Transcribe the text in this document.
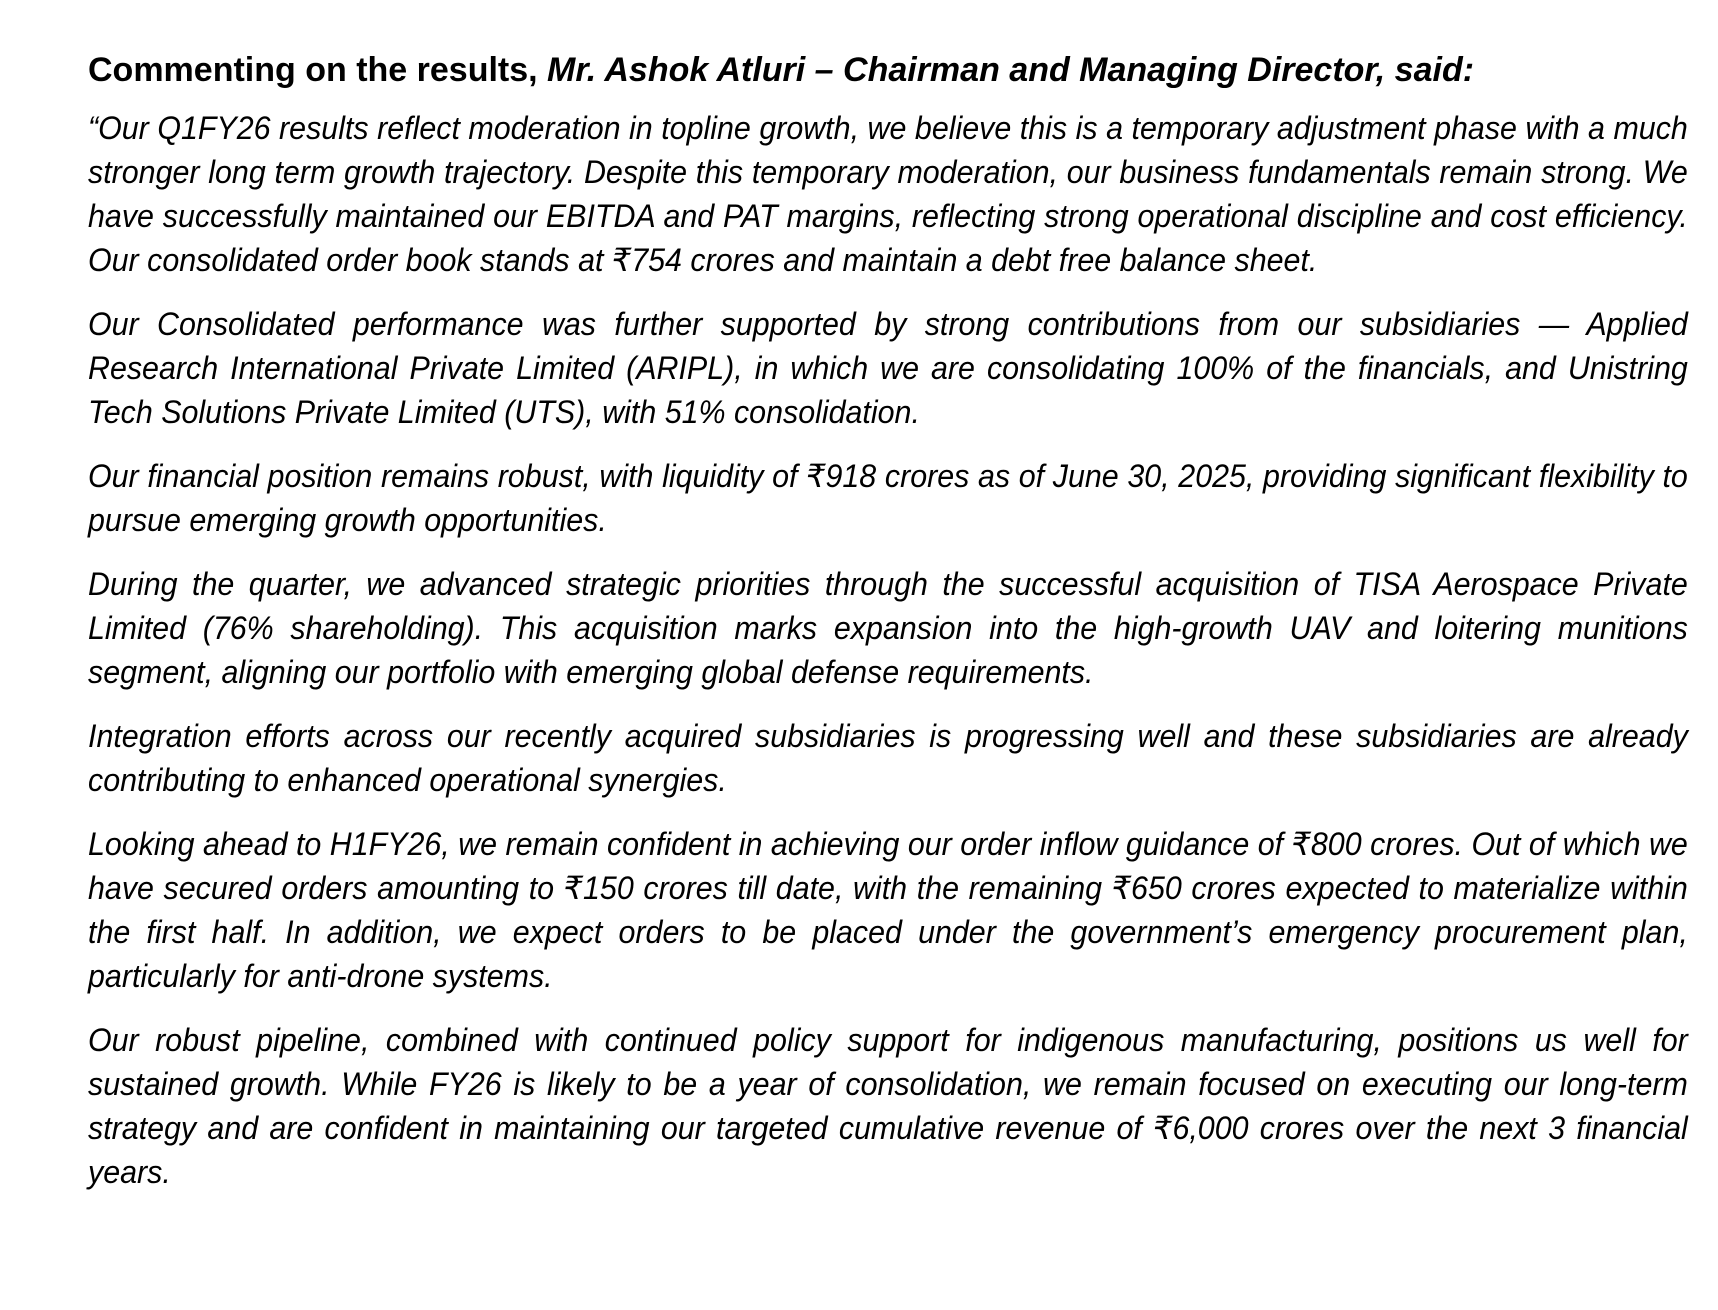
Commenting on the results, Mr. Ashok Atluri – Chairman and Managing Director, said:

“Our Q1FY26 results reflect moderation in topline growth, we believe this is a temporary adjustment phase with a much stronger long term growth trajectory. Despite this temporary moderation, our business fundamentals remain strong. We have successfully maintained our EBITDA and PAT margins, reflecting strong operational discipline and cost efficiency. Our consolidated order book stands at ₹754 crores and maintain a debt free balance sheet.

Our Consolidated performance was further supported by strong contributions from our subsidiaries — Applied Research International Private Limited (ARIPL), in which we are consolidating 100% of the financials, and Unistring Tech Solutions Private Limited (UTS), with 51% consolidation.

Our financial position remains robust, with liquidity of ₹918 crores as of June 30, 2025, providing significant flexibility to pursue emerging growth opportunities.

During the quarter, we advanced strategic priorities through the successful acquisition of TISA Aerospace Private Limited (76% shareholding). This acquisition marks expansion into the high-growth UAV and loitering munitions segment, aligning our portfolio with emerging global defense requirements.

Integration efforts across our recently acquired subsidiaries is progressing well and these subsidiaries are already contributing to enhanced operational synergies.

Looking ahead to H1FY26, we remain confident in achieving our order inflow guidance of ₹800 crores. Out of which we have secured orders amounting to ₹150 crores till date, with the remaining ₹650 crores expected to materialize within the first half. In addition, we expect orders to be placed under the government’s emergency procurement plan, particularly for anti-drone systems.

Our robust pipeline, combined with continued policy support for indigenous manufacturing, positions us well for sustained growth. While FY26 is likely to be a year of consolidation, we remain focused on executing our long-term strategy and are confident in maintaining our targeted cumulative revenue of ₹6,000 crores over the next 3 financial years.
